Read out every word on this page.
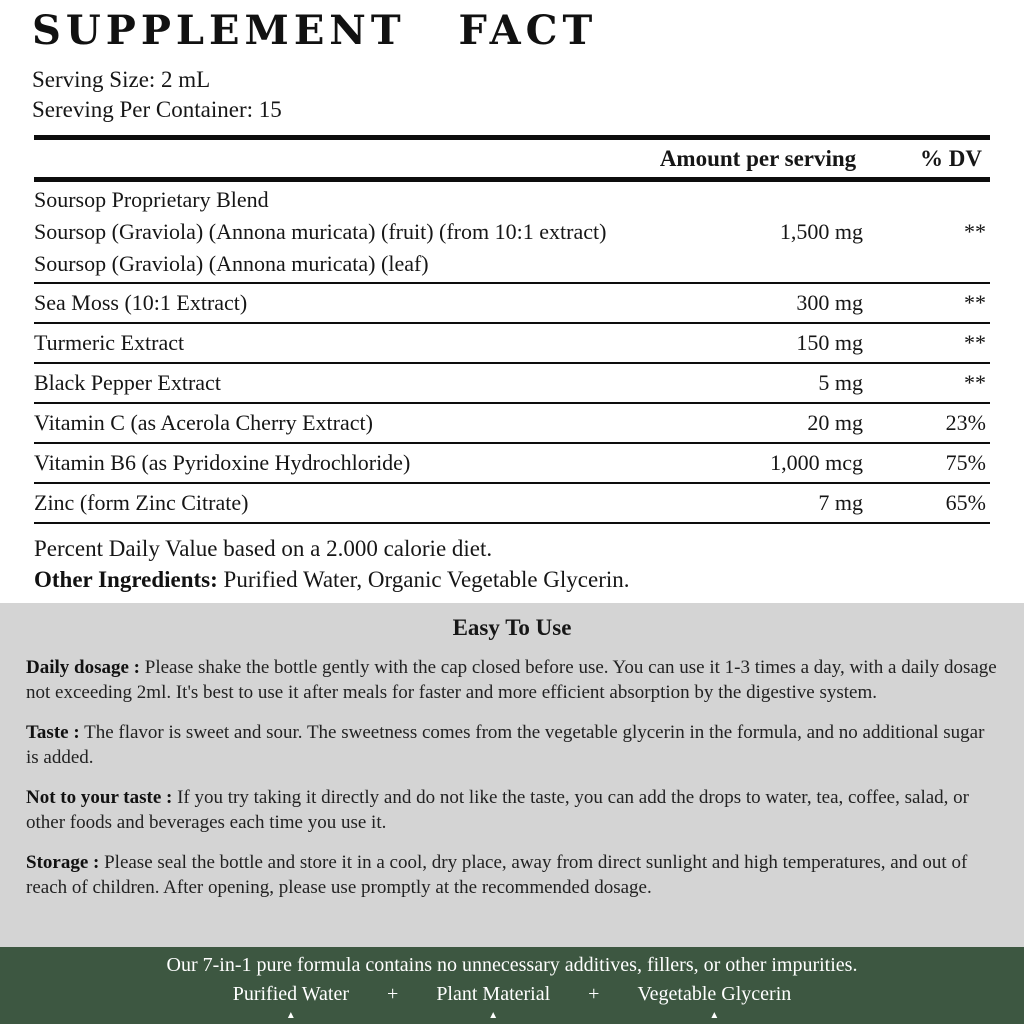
SUPPLEMENT FACT
Serving Size: 2 mL
Sereving Per Container: 15
Amount per serving	% DV
Soursop Proprietary Blend
Soursop (Graviola) (Annona muricata) (fruit) (from 10:1 extract)
Soursop (Graviola) (Annona muricata) (leaf)
1,500 mg	**
Sea Moss (10:1 Extract)	300 mg	**
Turmeric Extract	150 mg	**
Black Pepper Extract	5 mg	**
Vitamin C (as Acerola Cherry Extract)	20 mg	23%
Vitamin B6 (as Pyridoxine Hydrochloride)	1,000 mcg	75%
Zinc (form Zinc Citrate)	7 mg	65%
Percent Daily Value based on a 2.000 calorie diet.
Other Ingredients: Purified Water, Organic Vegetable Glycerin.
Easy To Use
Daily dosage : Please shake the bottle gently with the cap closed before use. You can use it 1-3 times a day, with a daily dosage not exceeding 2ml. It's best to use it after meals for faster and more efficient absorption by the digestive system.
Taste : The flavor is sweet and sour. The sweetness comes from the vegetable glycerin in the formula, and no additional sugar is added.
Not to your taste : If you try taking it directly and do not like the taste, you can add the drops to water, tea, coffee, salad, or other foods and beverages each time you use it.
Storage : Please seal the bottle and store it in a cool, dry place, away from direct sunlight and high temperatures, and out of reach of children. After opening, please use promptly at the recommended dosage.
Our 7-in-1 pure formula contains no unnecessary additives, fillers, or other impurities.
Purified Water
▲
+ Plant Material
▲
+ Vegetable Glycerin
▲
